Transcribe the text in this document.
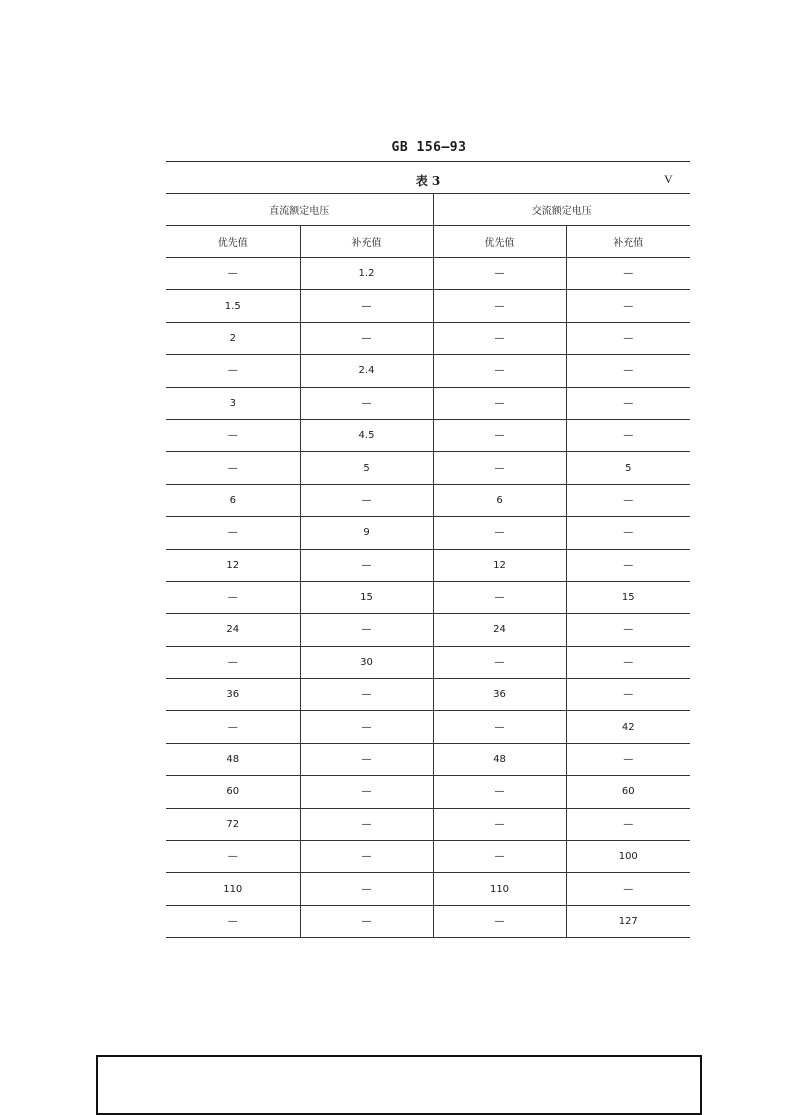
GB 156—93
表 3	V
直流额定电压		交流额定电压	
优先值	补充值	优先值	补充值
—	1.2	—	—
1.5	—	—	—
2	—	—	—
—	2.4	—	—
3	—	—	—
—	4.5	—	—
—	5	—	5
6	—	6	—
—	9	—	—
12	—	12	—
—	15	—	15
24	—	24	—
—	30	—	—
36	—	36	—
—	—	—	42
48	—	48	—
60	—	—	60
72	—	—	—
—	—	—	100
110	—	110	—
—	—	—	127
